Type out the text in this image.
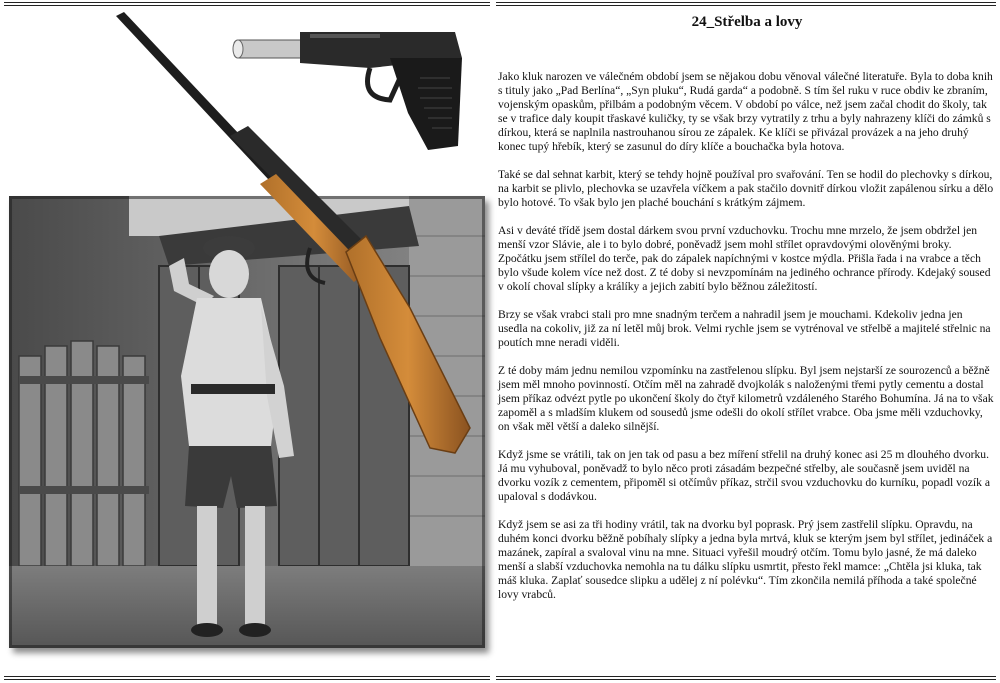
24_Střelba a lovy

Jako kluk narozen ve válečném období jsem se nějakou dobu věnoval válečné literatuře. Byla to doba knih s tituly jako „Pad Berlína“, „Syn pluku“, Rudá garda“ a podobně. S tím šel ruku v ruce obdiv ke zbraním, vojenským opaskům, přilbám a podobným věcem. V období po válce, než jsem začal chodit do školy, tak se v trafice daly koupit třaskavé kuličky, ty se však brzy vytratily z trhu a byly nahrazeny klíči do zámků s dírkou, která se naplnila nastrouhanou sírou ze zápalek. Ke klíči se přivázal provázek a na jeho druhý konec tupý hřebík, který se zasunul do díry klíče a bouchačka byla hotova.

Také se dal sehnat karbit, který se tehdy hojně používal pro svařování. Ten se hodil do plechovky s dírkou, na karbit se plivlo, plechovka se uzavřela víčkem a pak stačilo dovnitř dírkou vložit zapálenou sírku a dělo bylo hotové. To však bylo jen plaché bouchání s krátkým zájmem.

Asi v deváté třídě jsem dostal dárkem svou první vzduchovku. Trochu mne mrzelo, že jsem obdržel jen menší vzor Slávie, ale i to bylo dobré, poněvadž jsem mohl střílet opravdovými olověnými broky. Zpočátku jsem střílel do terče, pak do zápalek napíchnými v kostce mýdla. Přišla řada i na vrabce a těch bylo všude kolem více než dost. Z té doby si nevzpomínám na jediného ochrance přírody. Kdejaký soused v okolí choval slípky a králíky a jejich zabití bylo běžnou záležitostí.

Brzy se však vrabci stali pro mne snadným terčem a nahradil jsem je mouchami. Kdekoliv jedna jen usedla na cokoliv, již za ní letěl můj brok. Velmi rychle jsem se vytrénoval ve střelbě a majitelé střelnic na poutích mne neradi viděli.

Z té doby mám jednu nemilou vzpomínku na zastřelenou slípku. Byl jsem nejstarší ze sourozenců a běžně jsem měl mnoho povinností. Otčím měl na zahradě dvojkolák s naloženými třemi pytly cementu a dostal jsem příkaz odvézt pytle po ukončení školy do čtyř kilometrů vzdáleného Starého Bohumína. Já na to však zapoměl a s mladším klukem od sousedů jsme odešli do okolí střílet vrabce. Oba jsme měli vzduchovky, on však měl větší a daleko silnější.

Když jsme se vrátili, tak on jen tak od pasu a bez míření střelil na druhý konec asi 25 m dlouhého dvorku. Já mu vyhuboval, poněvadž to bylo něco proti zásadám bezpečné střelby, ale současně jsem uviděl na dvorku vozík z cementem, připoměl si otčímův příkaz, strčil svou vzduchovku do kurníku, popadl vozík a upaloval s dodávkou.

Když jsem se asi za tři hodiny vrátil, tak na dvorku byl poprask. Prý jsem zastřelil slípku. Opravdu, na duhém konci dvorku běžně pobíhaly slípky a jedna byla mrtvá, kluk se kterým jsem byl střílet, jedináček a mazánek, zapíral a svaloval vinu na mne. Situaci vyřešil moudrý otčím. Tomu bylo jasné, že má daleko menší a slabší vzduchovka nemohla na tu dálku slípku usmrtit, přesto řekl mamce: „Chtěla jsi kluka, tak máš kluka. Zaplať sousedce slipku a udělej z ní polévku“. Tím zkončila nemilá příhoda a také společné lovy vrabců.
